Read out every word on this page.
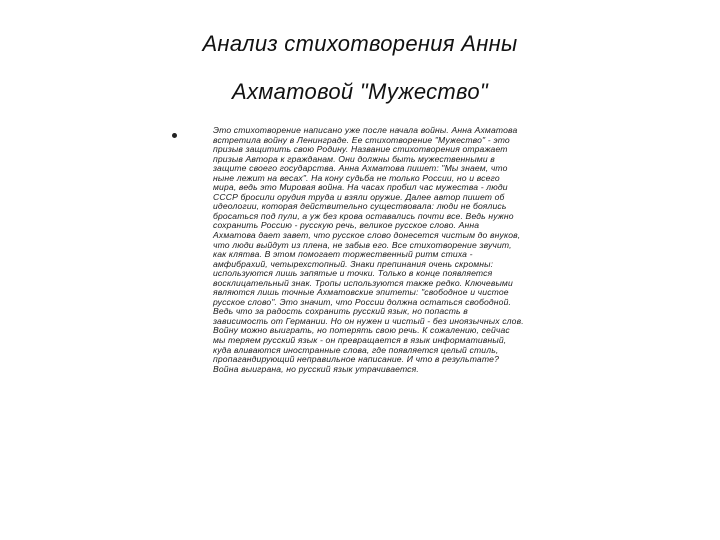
Анализ стихотворения Анны
Ахматовой "Мужество"

Это стихотворение написано уже после начала войны. Анна Ахматова
встретила войну в Ленинграде. Ее стихотворение "Мужество" - это
призыв защитить свою Родину. Название стихотворения отражает
призыв Автора к гражданам. Они должны быть мужественными в
защите своего государства. Анна Ахматова пишет: "Мы знаем, что
ныне лежит на весах". На кону судьба не только России, но и всего
мира, ведь это Мировая война. На часах пробил час мужества - люди
СССР бросили орудия труда и взяли оружие. Далее автор пишет об
идеологии, которая действительно существовала: люди не боялись
бросаться под пули, а уж без крова оставались почти все. Ведь нужно
сохранить Россию - русскую речь, великое русское слово. Анна
Ахматова дает завет, что русское слово донесется чистым до внуков,
что люди выйдут из плена, не забыв его. Все стихотворение звучит,
как клятва. В этом помогает торжественный ритм стиха -
амфибрахий, четырехстопный. Знаки препинания очень скромны:
используются лишь запятые и точки. Только в конце появляется
восклицательный знак. Тропы используются также редко. Ключевыми
являются лишь точные Ахматовские эпитеты: "свободное и чистое
русское слово". Это значит, что России должна остаться свободной.
Ведь что за радость сохранить русский язык, но попасть в
зависимость от Германии. Но он нужен и чистый - без иноязычных слов.
Войну можно выиграть, но потерять свою речь. К сожалению, сейчас
мы теряем русский язык - он превращается в язык информативный,
куда вливаются иностранные слова, где появляется целый стиль,
пропагандирующий неправильное написание. И что в результате?
Война выиграна, но русский язык утрачивается.
